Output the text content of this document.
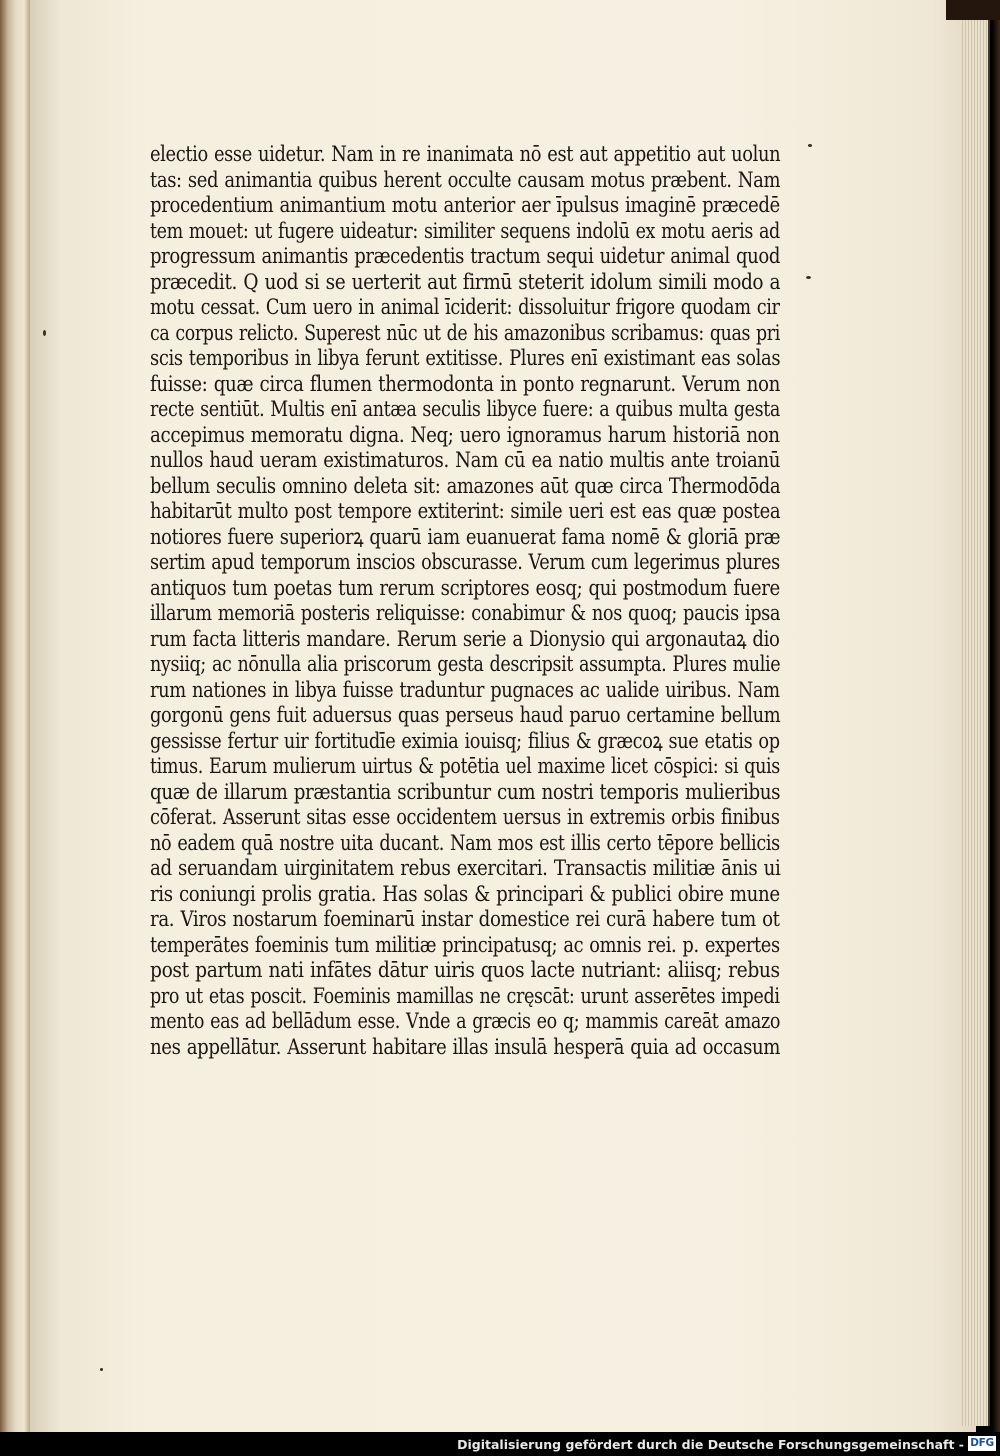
electio esse uidetur. Nam in re inanimata nō est aut appetitio aut uolun
tas: sed animantia quibus herent occulte causam motus præbent. Nam
procedentium animantium motu anterior aer īpulsus imaginē præcedē
tem mouet: ut fugere uideatur: similiter sequens indolū ex motu aeris ad
progressum animantis præcedentis tractum sequi uidetur animal quod
præcedit. Q uod si se uerterit aut firmū steterit idolum simili modo a
motu cessat. Cum uero in animal īciderit: dissoluitur frigore quodam cir
ca corpus relicto. Superest nūc ut de his amazonibus scribamus: quas pri
scis temporibus in libya ferunt extitisse. Plures enī existimant eas solas
fuisse: quæ circa flumen thermodonta in ponto regnarunt. Verum non
recte sentiūt. Multis enī antæa seculis libyce fuere: a quibus multa gesta
accepimus memoratu digna. Neq; uero ignoramus harum historiā non
nullos haud ueram existimaturos. Nam cū ea natio multis ante troianū
bellum seculis omnino deleta sit: amazones aūt quæ circa Thermodōda
habitarūt multo post tempore extiterint: simile ueri est eas quæ postea
notiores fuere superiorꝝ quarū iam euanuerat fama nomē & gloriā præ
sertim apud temporum inscios obscurasse. Verum cum legerimus plures
antiquos tum poetas tum rerum scriptores eosq; qui postmodum fuere
illarum memoriā posteris reliquisse: conabimur & nos quoq; paucis ipsa
rum facta litteris mandare. Rerum serie a Dionysio qui argonautaꝝ dio
nysiiq; ac nōnulla alia priscorum gesta descripsit assumpta. Plures mulie
rum nationes in libya fuisse traduntur pugnaces ac ualide uiribus. Nam
gorgonū gens fuit aduersus quas perseus haud paruo certamine bellum
gessisse fertur uir fortitudīe eximia iouisq; filius & græcoꝝ sue etatis op
timus. Earum mulierum uirtus & potētia uel maxime licet cōspici: si quis
quæ de illarum præstantia scribuntur cum nostri temporis mulieribus
cōferat. Asserunt sitas esse occidentem uersus in extremis orbis finibus
nō eadem quā nostre uita ducant. Nam mos est illis certo tēpore bellicis
ad seruandam uirginitatem rebus exercitari. Transactis militiæ ānis ui
ris coniungi prolis gratia. Has solas & principari & publici obire mune
ra. Viros nostarum foeminarū instar domestice rei curā habere tum ot
temperātes foeminis tum militiæ principatusq; ac omnis rei. p. expertes
post partum nati infātes dātur uiris quos lacte nutriant: aliisq; rebus
pro ut etas poscit. Foeminis mamillas ne cręscāt: urunt asserētes impedi
mento eas ad bellādum esse. Vnde a græcis eo q; mammis careāt amazo
nes appellātur. Asserunt habitare illas insulā hesperā quia ad occasum
Digitalisierung gefördert durch die Deutsche Forschungsgemeinschaft - DFG
